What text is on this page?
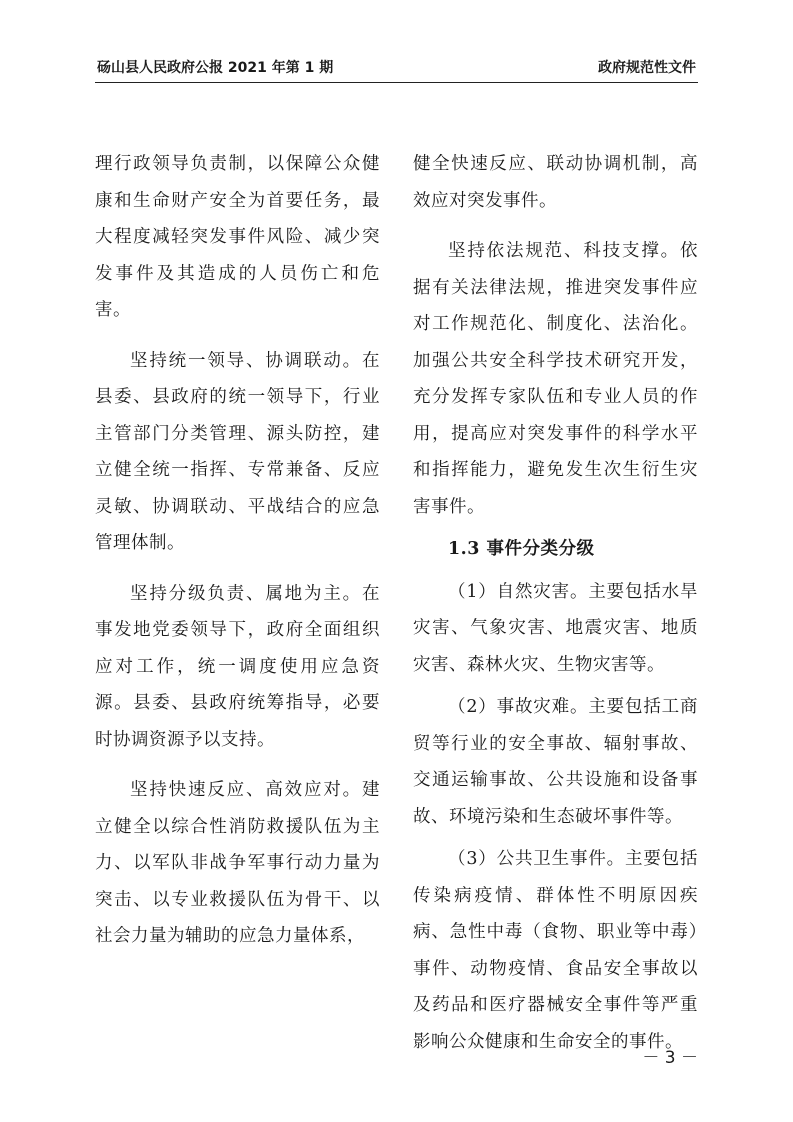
砀山县人民政府公报 2021 年第 1 期	政府规范性文件

理行政领导负责制，以保障公众健康和生命财产安全为首要任务，最大程度减轻突发事件风险、减少突发事件及其造成的人员伤亡和危害。

坚持统一领导、协调联动。在县委、县政府的统一领导下，行业主管部门分类管理、源头防控，建立健全统一指挥、专常兼备、反应灵敏、协调联动、平战结合的应急管理体制。

坚持分级负责、属地为主。在事发地党委领导下，政府全面组织应对工作，统一调度使用应急资源。县委、县政府统筹指导，必要时协调资源予以支持。

坚持快速反应、高效应对。建立健全以综合性消防救援队伍为主力、以军队非战争军事行动力量为突击、以专业救援队伍为骨干、以社会力量为辅助的应急力量体系，

健全快速反应、联动协调机制，高效应对突发事件。

坚持依法规范、科技支撑。依据有关法律法规，推进突发事件应对工作规范化、制度化、法治化。加强公共安全科学技术研究开发，充分发挥专家队伍和专业人员的作用，提高应对突发事件的科学水平和指挥能力，避免发生次生衍生灾害事件。

1.3 事件分类分级

（1）自然灾害。主要包括水旱灾害、气象灾害、地震灾害、地质灾害、森林火灾、生物灾害等。

（2）事故灾难。主要包括工商贸等行业的安全事故、辐射事故、交通运输事故、公共设施和设备事故、环境污染和生态破坏事件等。

（3）公共卫生事件。主要包括传染病疫情、群体性不明原因疾病、急性中毒（食物、职业等中毒）事件、动物疫情、食品安全事故以及药品和医疗器械安全事件等严重影响公众健康和生命安全的事件。

－ 3 －
